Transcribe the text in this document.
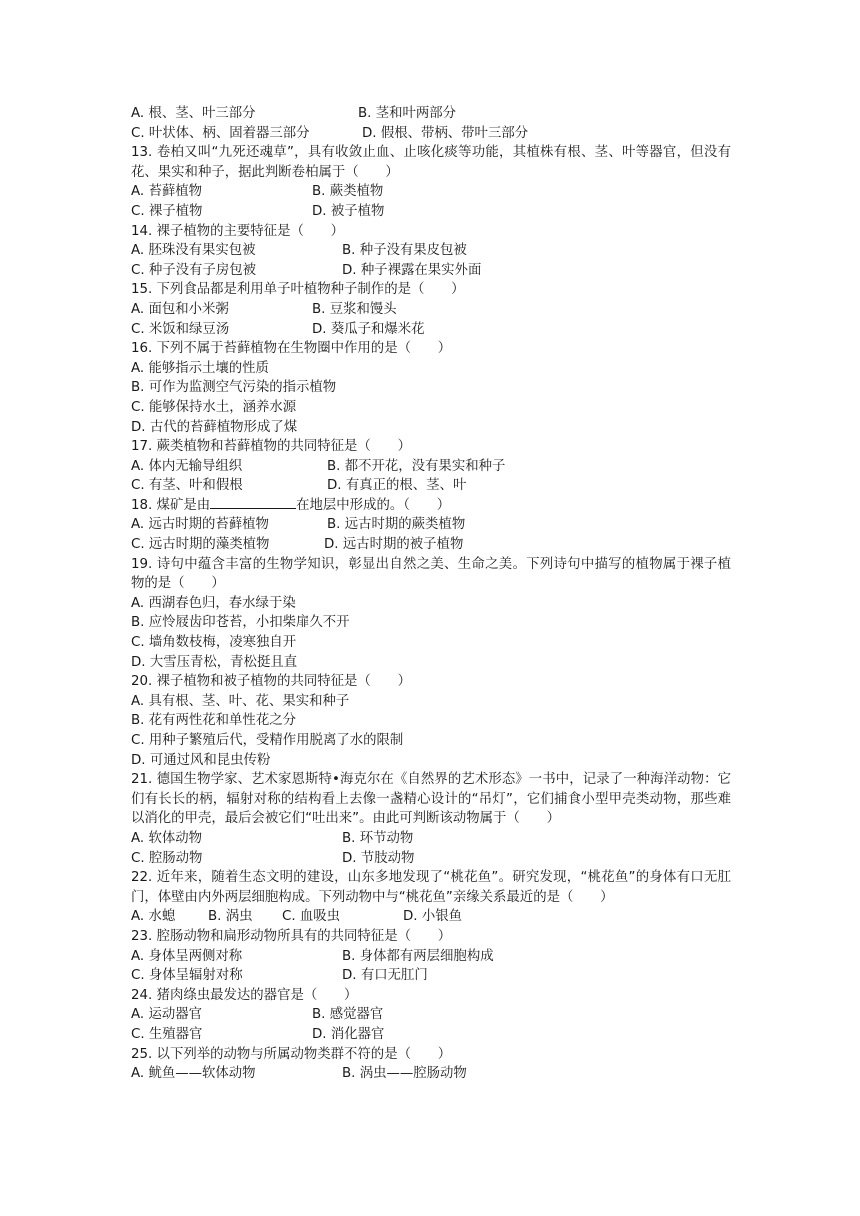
A. 根、茎、叶三部分	B. 茎和叶两部分
C. 叶状体、柄、固着器三部分	D. 假根、带柄、带叶三部分
13. 卷柏又叫“九死还魂草”，具有收敛止血、止咳化痰等功能，其植株有根、茎、叶等器官，但没有花、果实和种子，据此判断卷柏属于（　　）
A. 苔藓植物	B. 蕨类植物
C. 裸子植物	D. 被子植物
14. 裸子植物的主要特征是（　　）
A. 胚珠没有果实包被	B. 种子没有果皮包被
C. 种子没有子房包被	D. 种子裸露在果实外面
15. 下列食品都是利用单子叶植物种子制作的是（　　）
A. 面包和小米粥	B. 豆浆和馒头
C. 米饭和绿豆汤	D. 葵瓜子和爆米花
16. 下列不属于苔藓植物在生物圈中作用的是（　　）
A. 能够指示土壤的性质
B. 可作为监测空气污染的指示植物
C. 能够保持水土，涵养水源
D. 古代的苔藓植物形成了煤
17. 蕨类植物和苔藓植物的共同特征是（　　）
A. 体内无输导组织	B. 都不开花，没有果实和种子
C. 有茎、叶和假根	D. 有真正的根、茎、叶
18. 煤矿是由	在地层中形成的。（　　）
A. 远古时期的苔藓植物	B. 远古时期的蕨类植物
C. 远古时期的藻类植物	D. 远古时期的被子植物
19. 诗句中蕴含丰富的生物学知识，彰显出自然之美、生命之美。下列诗句中描写的植物属于裸子植物的是（　　）
A. 西湖春色归，春水绿于染
B. 应怜屐齿印苍苔，小扣柴扉久不开
C. 墙角数枝梅，凌寒独自开
D. 大雪压青松，青松挺且直
20. 裸子植物和被子植物的共同特征是（　　）
A. 具有根、茎、叶、花、果实和种子
B. 花有两性花和单性花之分
C. 用种子繁殖后代，受精作用脱离了水的限制
D. 可通过风和昆虫传粉
21. 德国生物学家、艺术家恩斯特•海克尔在《自然界的艺术形态》一书中，记录了一种海洋动物：它们有长长的柄，辐射对称的结构看上去像一盏精心设计的“吊灯”，它们捕食小型甲壳类动物，那些难以消化的甲壳，最后会被它们“吐出来”。由此可判断该动物属于（　　）
A. 软体动物	B. 环节动物
C. 腔肠动物	D. 节肢动物
22. 近年来，随着生态文明的建设，山东多地发现了“桃花鱼”。研究发现，“桃花鱼”的身体有口无肛门，体壁由内外两层细胞构成。下列动物中与“桃花鱼”亲缘关系最近的是（　　）
A. 水螅	B. 涡虫	C. 血吸虫	D. 小银鱼
23. 腔肠动物和扁形动物所具有的共同特征是（　　）
A. 身体呈两侧对称	B. 身体都有两层细胞构成
C. 身体呈辐射对称	D. 有口无肛门
24. 猪肉绦虫最发达的器官是（　　）
A. 运动器官	B. 感觉器官
C. 生殖器官	D. 消化器官
25. 以下列举的动物与所属动物类群不符的是（　　）
A. 鱿鱼——软体动物	B. 涡虫——腔肠动物
